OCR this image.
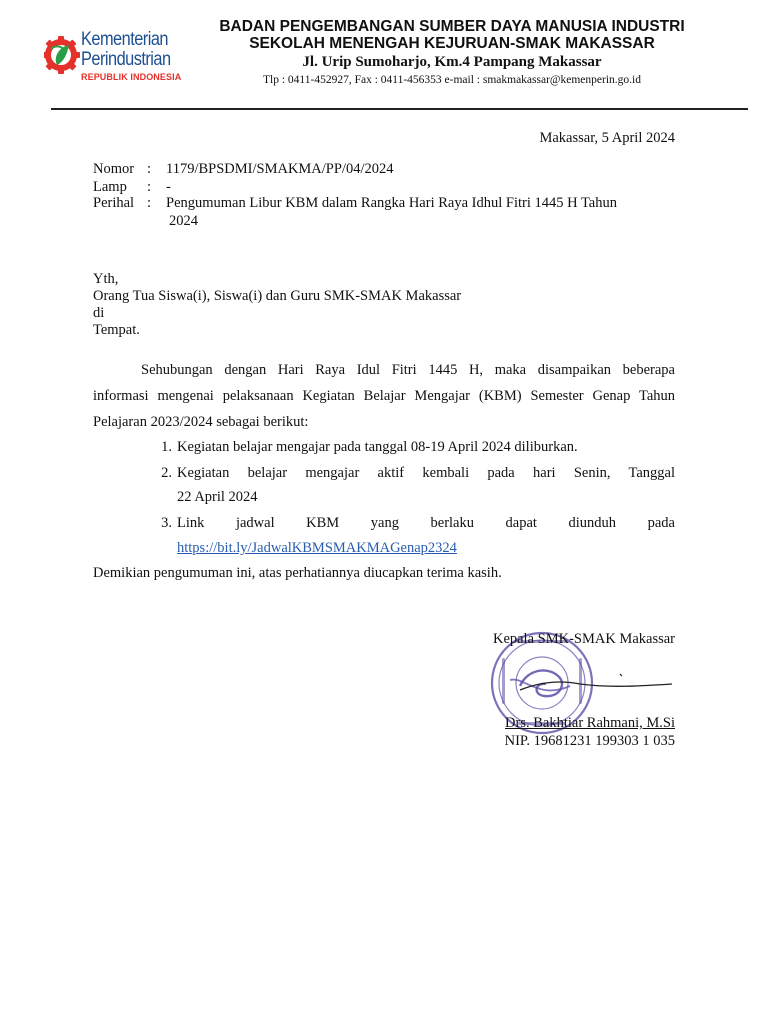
Kementerian
Perindustrian
REPUBLIK INDONESIA
BADAN PENGEMBANGAN SUMBER DAYA MANUSIA INDUSTRI
SEKOLAH MENENGAH KEJURUAN-SMAK MAKASSAR
Jl. Urip Sumoharjo, Km.4 Pampang Makassar
Tlp : 0411-452927, Fax : 0411-456353 e-mail : smakmakassar@kemenperin.go.id
Makassar, 5 April 2024
Nomor : 1179/BPSDMI/SMAKMA/PP/04/2024
Lamp : -
Perihal : Pengumuman Libur KBM dalam Rangka Hari Raya Idhul Fitri 1445 H Tahun
2024
Yth,
Orang Tua Siswa(i), Siswa(i) dan Guru SMK-SMAK Makassar
di
Tempat.
Sehubungan dengan Hari Raya Idul Fitri 1445 H, maka disampaikan beberapa
informasi mengenai pelaksanaan Kegiatan Belajar Mengajar (KBM) Semester Genap Tahun
Pelajaran 2023/2024 sebagai berikut:
1. Kegiatan belajar mengajar pada tanggal 08-19 April 2024 diliburkan.
2. Kegiatan belajar mengajar aktif kembali pada hari Senin, Tanggal
22 April 2024
3. Link jadwal KBM yang berlaku dapat diunduh pada
https://bit.ly/JadwalKBMSMAKMAGenap2324
Demikian pengumuman ini, atas perhatiannya diucapkan terima kasih.
Kepala SMK-SMAK Makassar
Drs. Bakhtiar Rahmani, M.Si
NIP. 19681231 199303 1 035
